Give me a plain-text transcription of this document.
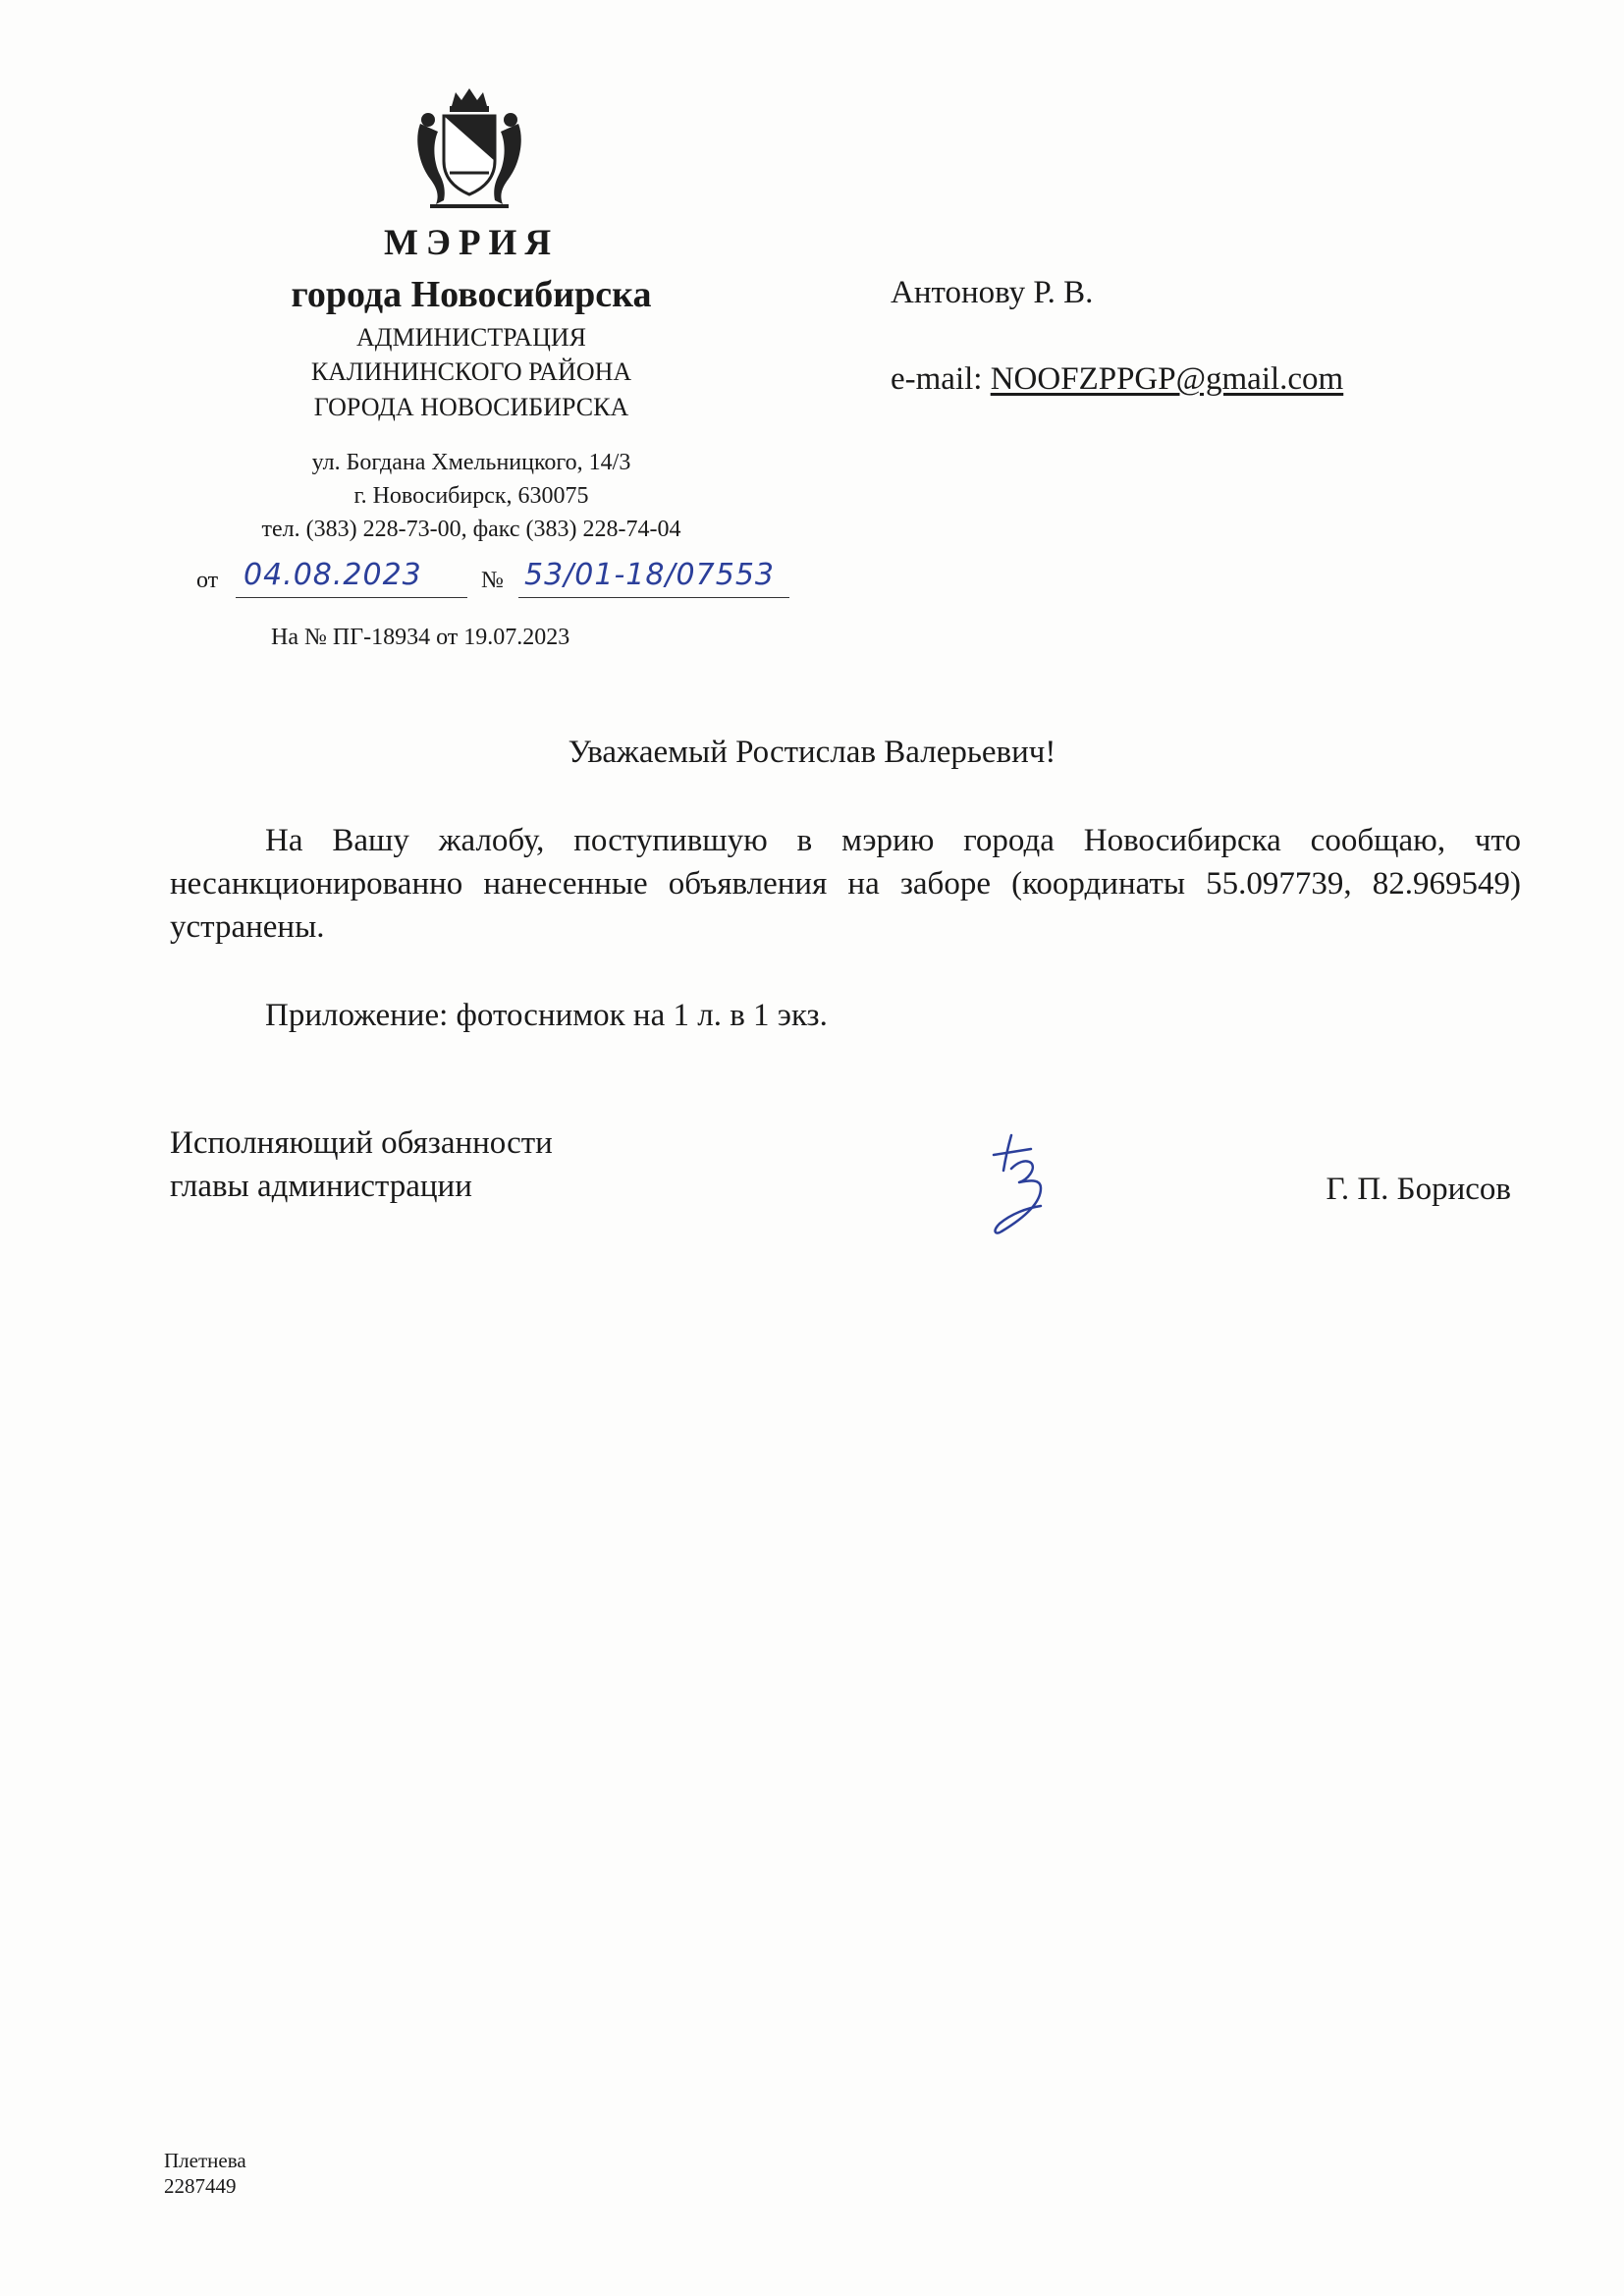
МЭРИЯ
города Новосибирска
АДМИНИСТРАЦИЯ
КАЛИНИНСКОГО РАЙОНА
ГОРОДА НОВОСИБИРСКА
ул. Богдана Хмельницкого, 14/3
г. Новосибирск, 630075
тел. (383) 228-73-00, факс (383) 228-74-04
от 04.08.2023	№ 53/01-18/07553
На № ПГ-18934 от 19.07.2023
Антонову Р. В.
e-mail: NOOFZPPGP@gmail.com
Уважаемый Ростислав Валерьевич!
На Вашу жалобу, поступившую в мэрию города Новосибирска сообщаю, что несанкционированно нанесенные объявления на заборе (координаты 55.097739, 82.969549) устранены.
Приложение: фотоснимок на 1 л. в 1 экз.
Исполняющий обязанности
главы администрации	Г. П. Борисов
Плетнева
2287449
